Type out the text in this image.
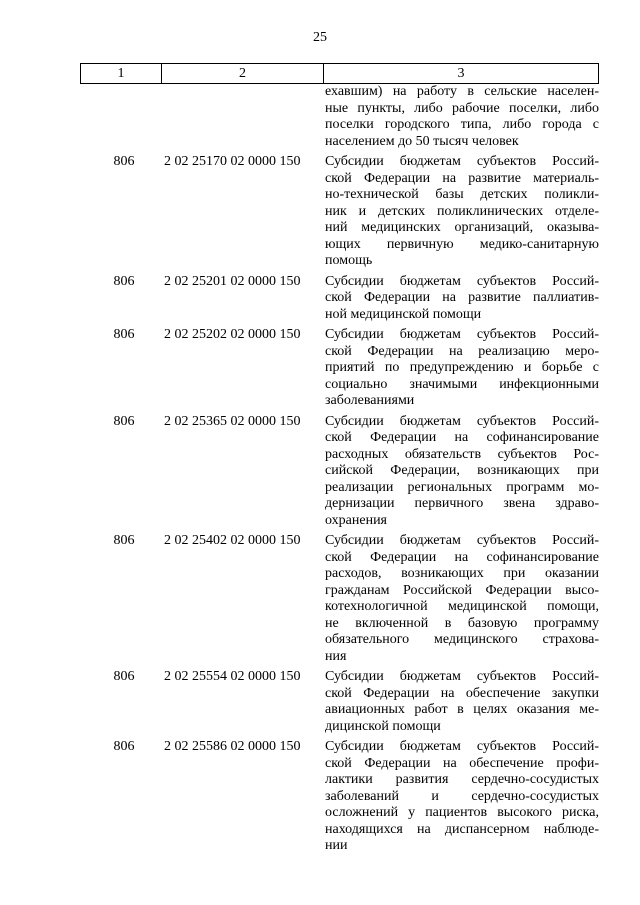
25
1	2	3
ехавшим) на работу в сельские населен-
ные пункты, либо рабочие поселки, либо
поселки городского типа, либо города с
населением до 50 тысяч человек
806	2 02 25170 02 0000 150	Субсидии бюджетам субъектов Россий-
ской Федерации на развитие материаль-
но-технической базы детских поликли-
ник и детских поликлинических отделе-
ний медицинских организаций, оказыва-
ющих первичную медико-санитарную
помощь
806	2 02 25201 02 0000 150	Субсидии бюджетам субъектов Россий-
ской Федерации на развитие паллиатив-
ной медицинской помощи
806	2 02 25202 02 0000 150	Субсидии бюджетам субъектов Россий-
ской Федерации на реализацию меро-
приятий по предупреждению и борьбе с
социально значимыми инфекционными
заболеваниями
806	2 02 25365 02 0000 150	Субсидии бюджетам субъектов Россий-
ской Федерации на софинансирование
расходных обязательств субъектов Рос-
сийской Федерации, возникающих при
реализации региональных программ мо-
дернизации первичного звена здраво-
охранения
806	2 02 25402 02 0000 150	Субсидии бюджетам субъектов Россий-
ской Федерации на софинансирование
расходов, возникающих при оказании
гражданам Российской Федерации высо-
котехнологичной медицинской помощи,
не включенной в базовую программу
обязательного медицинского страхова-
ния
806	2 02 25554 02 0000 150	Субсидии бюджетам субъектов Россий-
ской Федерации на обеспечение закупки
авиационных работ в целях оказания ме-
дицинской помощи
806	2 02 25586 02 0000 150	Субсидии бюджетам субъектов Россий-
ской Федерации на обеспечение профи-
лактики развития сердечно-сосудистых
заболеваний и сердечно-сосудистых
осложнений у пациентов высокого риска,
находящихся на диспансерном наблюде-
нии
